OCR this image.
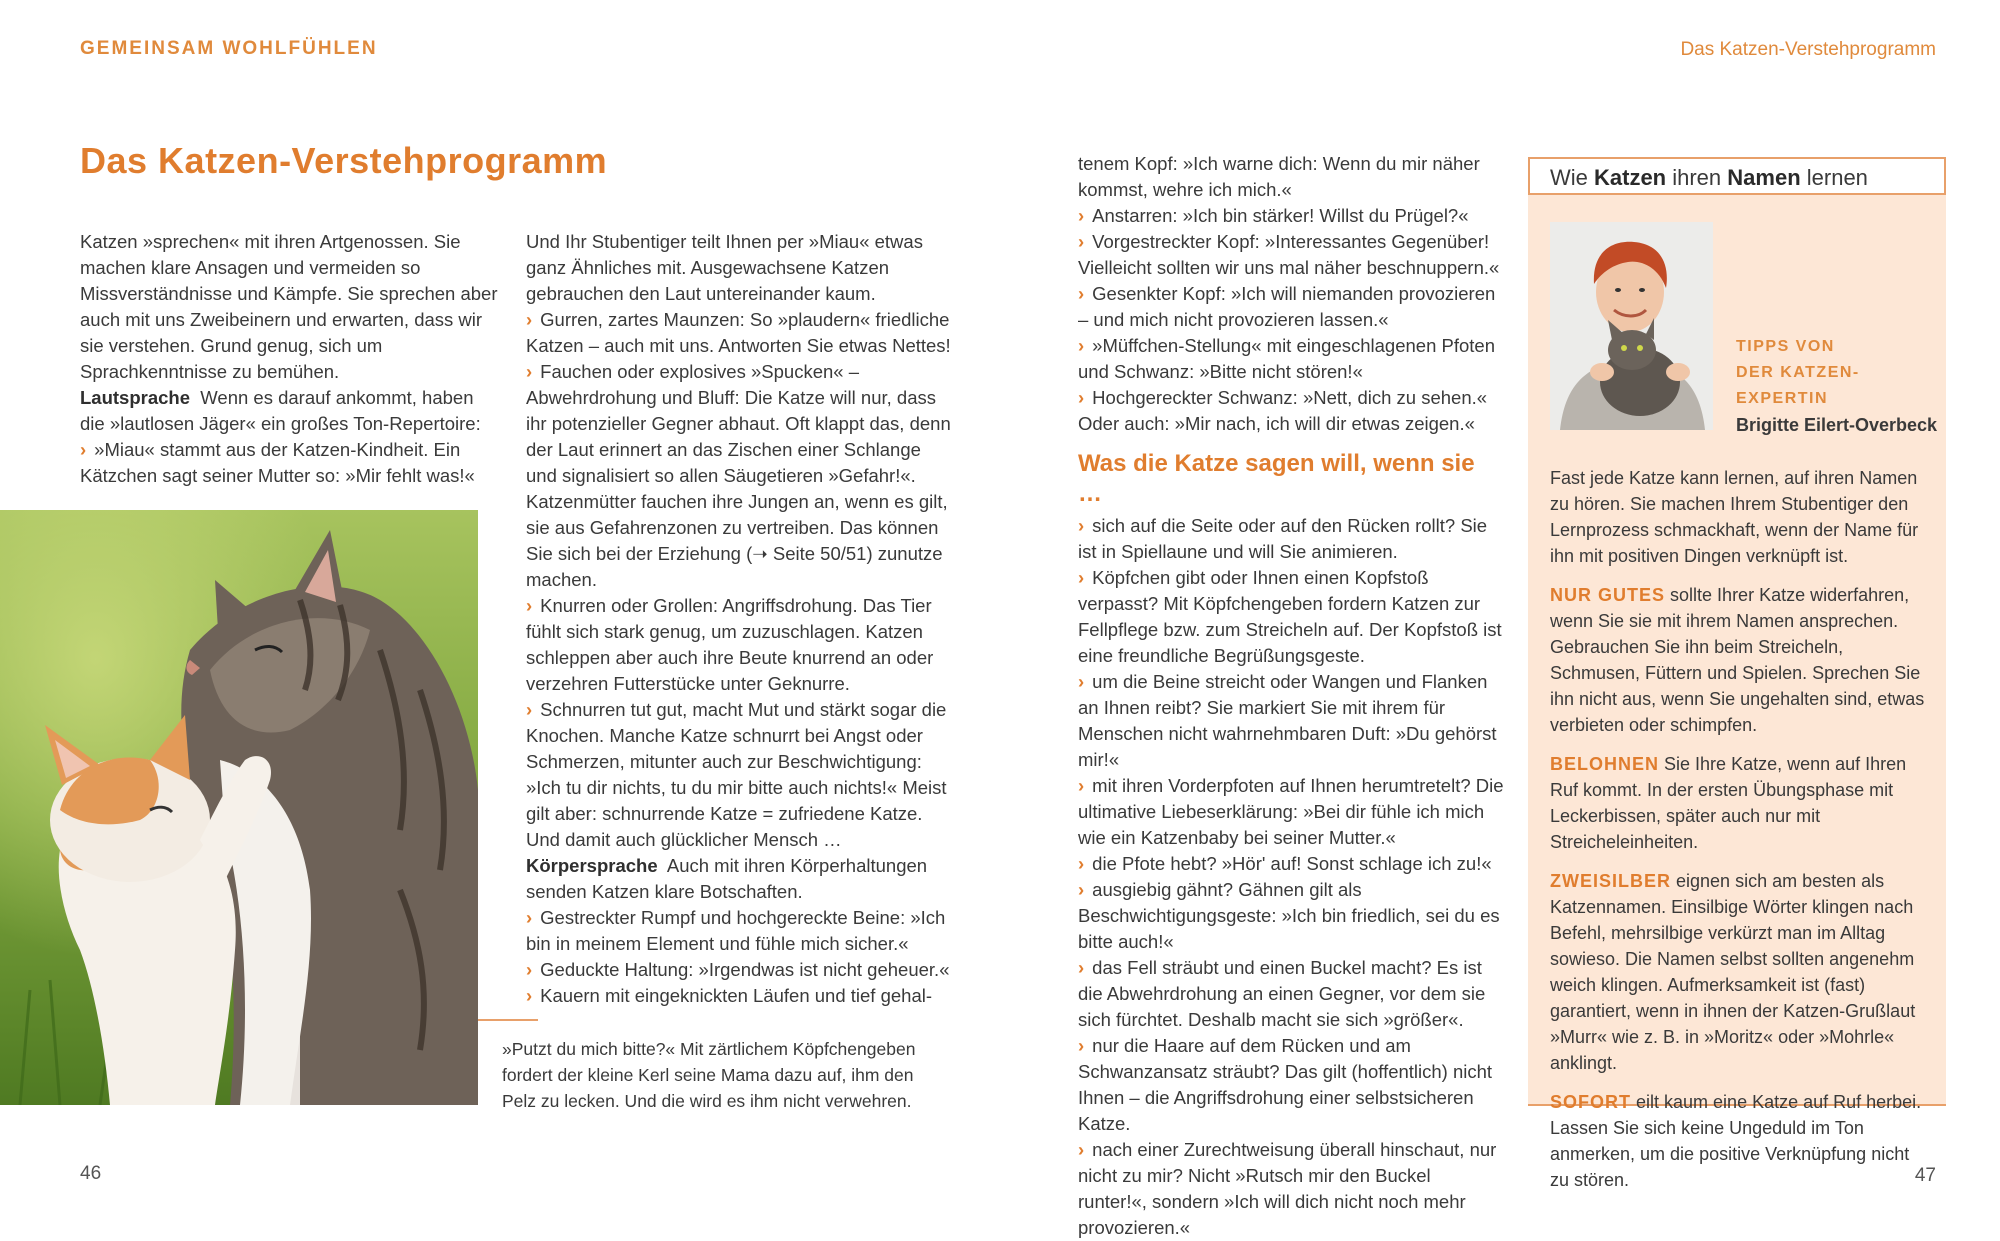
GEMEINSAM WOHLFÜHLEN	Das Katzen-Verstehprogramm
Das Katzen-Verstehprogramm

Katzen »sprechen« mit ihren Artgenossen. Sie machen klare Ansagen und vermeiden so Missverständnisse und Kämpfe. Sie sprechen aber auch mit uns Zweibeinern und erwarten, dass wir sie verstehen. Grund genug, sich um Sprachkenntnisse zu bemühen.

Lautsprache Wenn es darauf ankommt, haben die »lautlosen Jäger« ein großes Ton-Repertoire:

› »Miau« stammt aus der Katzen-Kindheit. Ein Kätzchen sagt seiner Mutter so: »Mir fehlt was!«

»Putzt du mich bitte?« Mit zärtlichem Köpfchengeben fordert der kleine Kerl seine Mama dazu auf, ihm den Pelz zu lecken. Und die wird es ihm nicht verwehren.

Und Ihr Stubentiger teilt Ihnen per »Miau« etwas ganz Ähnliches mit. Ausgewachsene Katzen gebrauchen den Laut untereinander kaum.

› Gurren, zartes Maunzen: So »plaudern« friedliche Katzen – auch mit uns. Antworten Sie etwas Nettes!

› Fauchen oder explosives »Spucken« – Abwehrdrohung und Bluff: Die Katze will nur, dass ihr potenzieller Gegner abhaut. Oft klappt das, denn der Laut erinnert an das Zischen einer Schlange und signalisiert so allen Säugetieren »Gefahr!«. Katzenmütter fauchen ihre Jungen an, wenn es gilt, sie aus Gefahrenzonen zu vertreiben. Das können Sie sich bei der Erziehung (➝ Seite 50/51) zunutze machen.

› Knurren oder Grollen: Angriffsdrohung. Das Tier fühlt sich stark genug, um zuzuschlagen. Katzen schleppen aber auch ihre Beute knurrend an oder verzehren Futterstücke unter Geknurre.

› Schnurren tut gut, macht Mut und stärkt sogar die Knochen. Manche Katze schnurrt bei Angst oder Schmerzen, mitunter auch zur Beschwichtigung: »Ich tu dir nichts, tu du mir bitte auch nichts!« Meist gilt aber: schnurrende Katze = zufriedene Katze. Und damit auch glücklicher Mensch …

Körpersprache Auch mit ihren Körperhaltungen senden Katzen klare Botschaften.

› Gestreckter Rumpf und hochgereckte Beine: »Ich bin in meinem Element und fühle mich sicher.«

› Geduckte Haltung: »Irgendwas ist nicht geheuer.«

› Kauern mit eingeknickten Läufen und tief gehal-

tenem Kopf: »Ich warne dich: Wenn du mir näher kommst, wehre ich mich.«

› Anstarren: »Ich bin stärker! Willst du Prügel?«

› Vorgestreckter Kopf: »Interessantes Gegenüber! Vielleicht sollten wir uns mal näher beschnuppern.«

› Gesenkter Kopf: »Ich will niemanden provozieren – und mich nicht provozieren lassen.«

› »Müffchen-Stellung« mit eingeschlagenen Pfoten und Schwanz: »Bitte nicht stören!«

› Hochgereckter Schwanz: »Nett, dich zu sehen.« Oder auch: »Mir nach, ich will dir etwas zeigen.«

Was die Katze sagen will, wenn sie …

› sich auf die Seite oder auf den Rücken rollt? Sie ist in Spiellaune und will Sie animieren.

› Köpfchen gibt oder Ihnen einen Kopfstoß verpasst? Mit Köpfchengeben fordern Katzen zur Fellpflege bzw. zum Streicheln auf. Der Kopfstoß ist eine freundliche Begrüßungsgeste.

› um die Beine streicht oder Wangen und Flanken an Ihnen reibt? Sie markiert Sie mit ihrem für Menschen nicht wahrnehmbaren Duft: »Du gehörst mir!«

› mit ihren Vorderpfoten auf Ihnen herumtretelt? Die ultimative Liebeserklärung: »Bei dir fühle ich mich wie ein Katzenbaby bei seiner Mutter.«

› die Pfote hebt? »Hör' auf! Sonst schlage ich zu!«

› ausgiebig gähnt? Gähnen gilt als Beschwichtigungsgeste: »Ich bin friedlich, sei du es bitte auch!«

› das Fell sträubt und einen Buckel macht? Es ist die Abwehrdrohung an einen Gegner, vor dem sie sich fürchtet. Deshalb macht sie sich »größer«.

› nur die Haare auf dem Rücken und am Schwanzansatz sträubt? Das gilt (hoffentlich) nicht Ihnen – die Angriffsdrohung einer selbstsicheren Katze.

› nach einer Zurechtweisung überall hinschaut, nur nicht zu mir? Nicht »Rutsch mir den Buckel runter!«, sondern »Ich will dich nicht noch mehr provozieren.«

Wie Katzen ihren Namen lernen
TIPPS VON
DER KATZEN-EXPERTIN
Brigitte Eilert-Overbeck

Fast jede Katze kann lernen, auf ihren Namen zu hören. Sie machen Ihrem Stubentiger den Lernprozess schmackhaft, wenn der Name für ihn mit positiven Dingen verknüpft ist.

NUR GUTES sollte Ihrer Katze widerfahren, wenn Sie sie mit ihrem Namen ansprechen. Gebrauchen Sie ihn beim Streicheln, Schmusen, Füttern und Spielen. Sprechen Sie ihn nicht aus, wenn Sie ungehalten sind, etwas verbieten oder schimpfen.

BELOHNEN Sie Ihre Katze, wenn auf Ihren Ruf kommt. In der ersten Übungsphase mit Leckerbissen, später auch nur mit Streicheleinheiten.

ZWEISILBER eignen sich am besten als Katzennamen. Einsilbige Wörter klingen nach Befehl, mehrsilbige verkürzt man im Alltag sowieso. Die Namen selbst sollten angenehm weich klingen. Aufmerksamkeit ist (fast) garantiert, wenn in ihnen der Katzen-Grußlaut »Murr« wie z. B. in »Moritz« oder »Mohrle« anklingt.

SOFORT eilt kaum eine Katze auf Ruf herbei. Lassen Sie sich keine Ungeduld im Ton anmerken, um die positive Verknüpfung nicht zu stören.

46	47
